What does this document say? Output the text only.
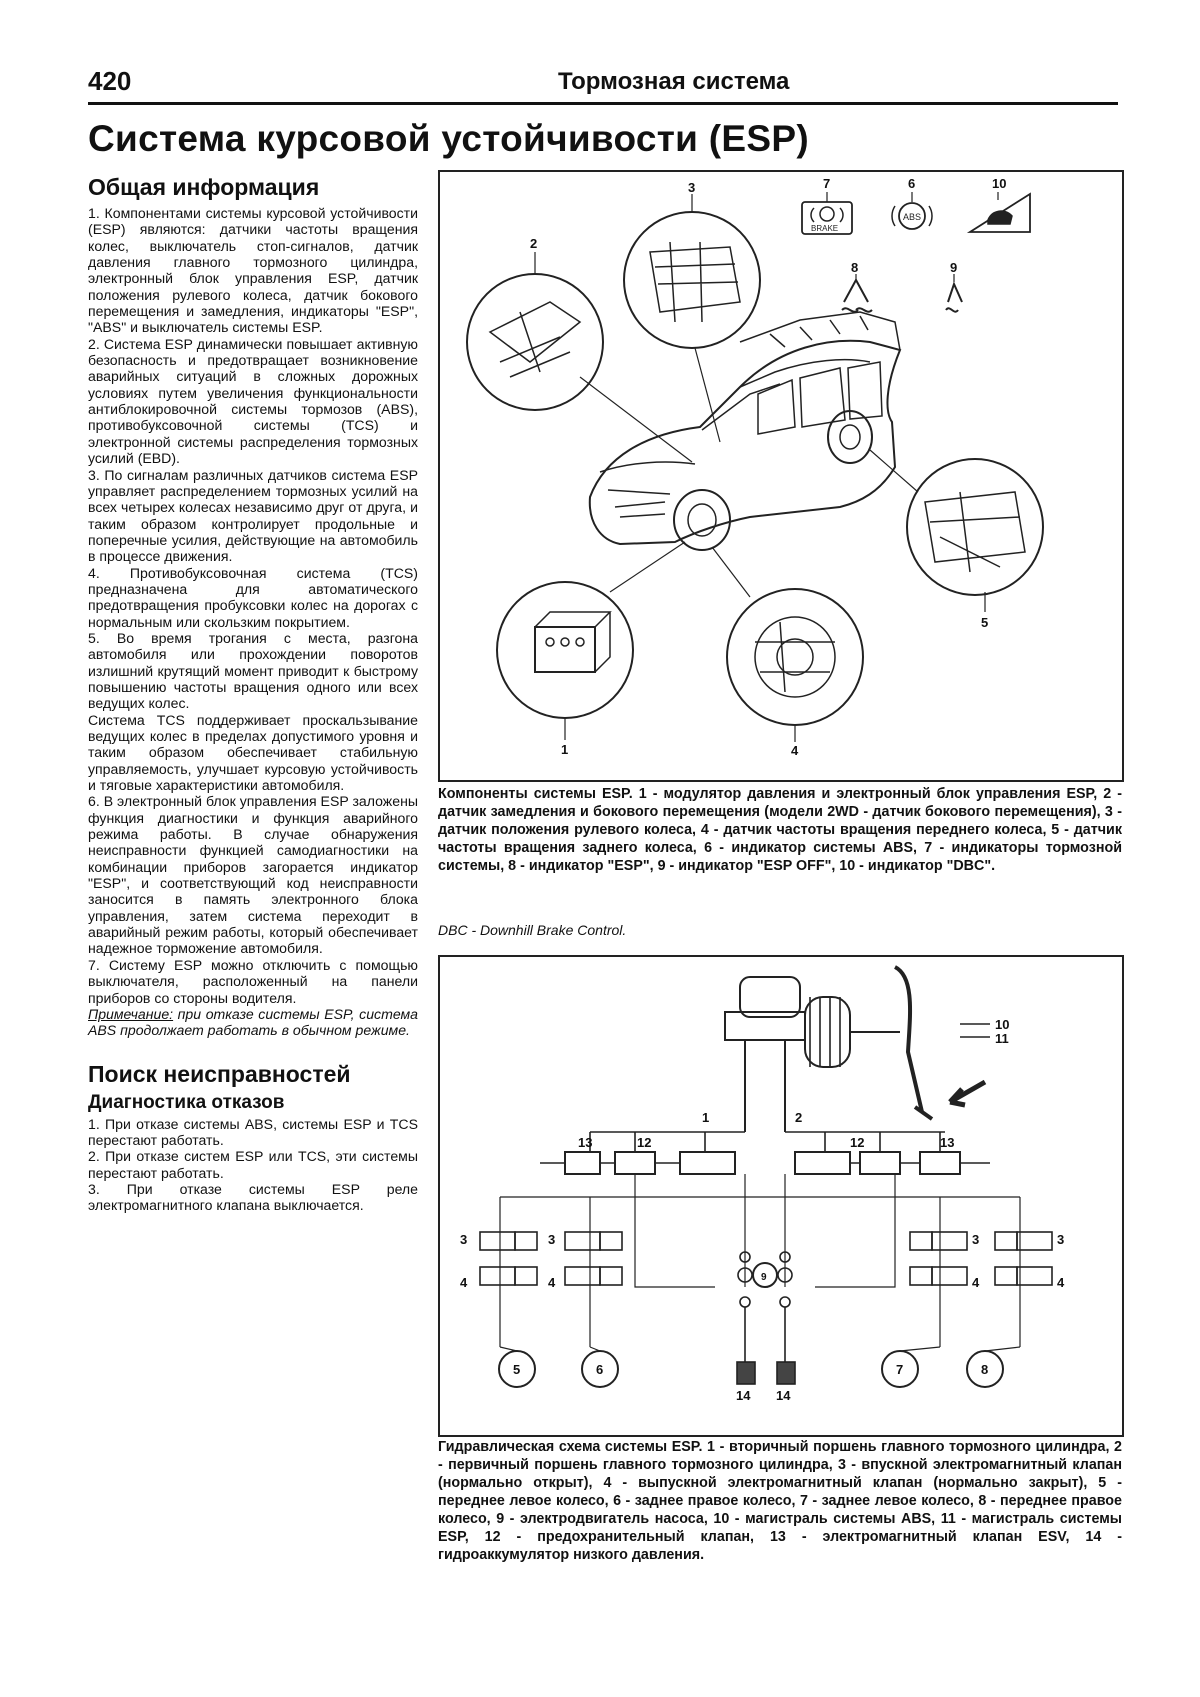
420	Тормозная система
Система курсовой устойчивости (ESP)
Общая информация

1. Компонентами системы курсовой устойчивости (ESP) являются: датчики частоты вращения колес, выключатель стоп-сигналов, датчик давления главного тормозного цилиндра, электронный блок управления ESP, датчик положения рулевого колеса, датчик бокового перемещения и замедления, индикаторы "ESP", "ABS" и выключатель системы ESP.

2. Система ESP динамически повышает активную безопасность и предотвращает возникновение аварийных ситуаций в сложных дорожных условиях путем увеличения функциональности антиблокировочной системы тормозов (ABS), противобуксовочной системы (TCS) и электронной системы распределения тормозных усилий (EBD).

3. По сигналам различных датчиков система ESP управляет распределением тормозных усилий на всех четырех колесах независимо друг от друга, и таким образом контролирует продольные и поперечные усилия, действующие на автомобиль в процессе движения.

4. Противобуксовочная система (TCS) предназначена для автоматического предотвращения пробуксовки колес на дорогах с нормальным или скользким покрытием.

5. Во время трогания с места, разгона автомобиля или прохождении поворотов излишний крутящий момент приводит к быстрому повышению частоты вращения одного или всех ведущих колес.

Система TCS поддерживает проскальзывание ведущих колес в пределах допустимого уровня и таким образом обеспечивает стабильную управляемость, улучшает курсовую устойчивость и тяговые характеристики автомобиля.

6. В электронный блок управления ESP заложены функция диагностики и функция аварийного режима работы. В случае обнаружения неисправности функцией самодиагностики на комбинации приборов загорается индикатор "ESP", и соответствующий код неисправности заносится в память электронного блока управления, затем система переходит в аварийный режим работы, который обеспечивает надежное торможение автомобиля.

7. Систему ESP можно отключить с помощью выключателя, расположенный на панели приборов со стороны водителя.

Примечание: при отказе системы ESP, система ABS продолжает работать в обычном режиме.

Поиск неисправностей
Диагностика отказов

1. При отказе системы ABS, системы ESP и TCS перестают работать.

2. При отказе систем ESP или TCS, эти системы перестают работать.

3. При отказе системы ESP реле электромагнитного клапана выключается.

BRAKE
ABS
1
2
3
4
5
6
7
8	9
10
Компоненты системы ESP. 1 - модулятор давления и электронный блок управления ESP, 2 - датчик замедления и бокового перемещения (модели 2WD - датчик бокового перемещения), 3 - датчик положения рулевого колеса, 4 - датчик частоты вращения переднего колеса, 5 - датчик частоты вращения заднего колеса, 6 - индикатор системы ABS, 7 - индикаторы тормозной системы, 8 - индикатор "ESP", 9 - индикатор "ESP OFF", 10 - индикатор "DBC".
DBC - Downhill Brake Control.
1	2
3	3	3	3
4	4	4	4
5	6	7	8
9
10
11
12	12
13	13
14 14
Гидравлическая схема системы ESP. 1 - вторичный поршень главного тормозного цилиндра, 2 - первичный поршень главного тормозного цилиндра, 3 - впускной электромагнитный клапан (нормально открыт), 4 - выпускной электромагнитный клапан (нормально закрыт), 5 - переднее левое колесо, 6 - заднее правое колесо, 7 - заднее левое колесо, 8 - переднее правое колесо, 9 - электродвигатель насоса, 10 - магистраль системы ABS, 11 - магистраль системы ESP, 12 - предохранительный клапан, 13 - электромагнитный клапан ESV, 14 - гидроаккумулятор низкого давления.
